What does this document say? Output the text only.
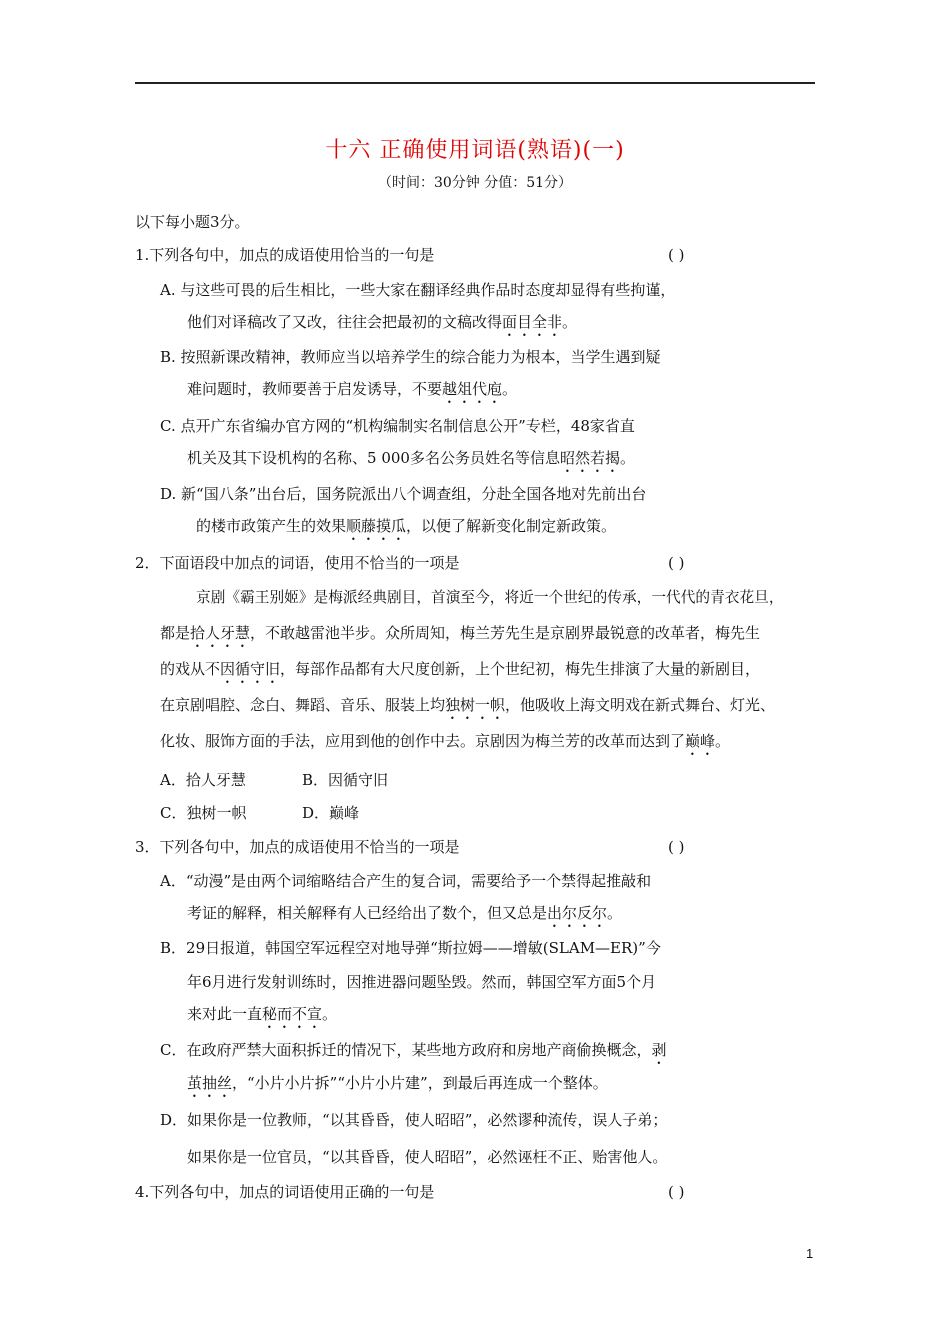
十六 正确使用词语(熟语)(一)
（时间：30分钟 分值：51分）
以下每小题3分。
1.下列各句中，加点的成语使用恰当的一句是	( )
A. 与这些可畏的后生相比，一些大家在翻译经典作品时态度却显得有些拘谨，
他们对译稿改了又改，往往会把最初的文稿改得面目全非。
B. 按照新课改精神，教师应当以培养学生的综合能力为根本，当学生遇到疑
难问题时，教师要善于启发诱导，不要越俎代庖。
C. 点开广东省编办官方网的“机构编制实名制信息公开”专栏，48家省直
机关及其下设机构的名称、5 000多名公务员姓名等信息昭然若揭。
D. 新“国八条”出台后，国务院派出八个调查组，分赴全国各地对先前出台
的楼市政策产生的效果顺藤摸瓜，以便了解新变化制定新政策。
2．下面语段中加点的词语，使用不恰当的一项是	( )
京剧《霸王别姬》是梅派经典剧目，首演至今，将近一个世纪的传承，一代代的青衣花旦，
都是拾人牙慧，不敢越雷池半步。众所周知，梅兰芳先生是京剧界最锐意的改革者，梅先生
的戏从不因循守旧，每部作品都有大尺度创新，上个世纪初，梅先生排演了大量的新剧目，
在京剧唱腔、念白、舞蹈、音乐、服装上均独树一帜，他吸收上海文明戏在新式舞台、灯光、
化妆、服饰方面的手法，应用到他的创作中去。京剧因为梅兰芳的改革而达到了巅峰。
A．拾人牙慧	B．因循守旧
C．独树一帜	D．巅峰
3．下列各句中，加点的成语使用不恰当的一项是	( )
A．“动漫”是由两个词缩略结合产生的复合词，需要给予一个禁得起推敲和
考证的解释，相关解释有人已经给出了数个，但又总是出尔反尔。
B．29日报道，韩国空军远程空对地导弹“斯拉姆——增敏(SLAM—ER)”今
年6月进行发射训练时，因推进器问题坠毁。然而，韩国空军方面5个月
来对此一直秘而不宣。
C．在政府严禁大面积拆迁的情况下，某些地方政府和房地产商偷换概念，剥
茧抽丝，“小片小片拆”“小片小片建”，到最后再连成一个整体。
D．如果你是一位教师，“以其昏昏，使人昭昭”，必然谬种流传，误人子弟；
如果你是一位官员，“以其昏昏，使人昭昭”，必然诬枉不正、贻害他人。
4.下列各句中，加点的词语使用正确的一句是	( )
1
